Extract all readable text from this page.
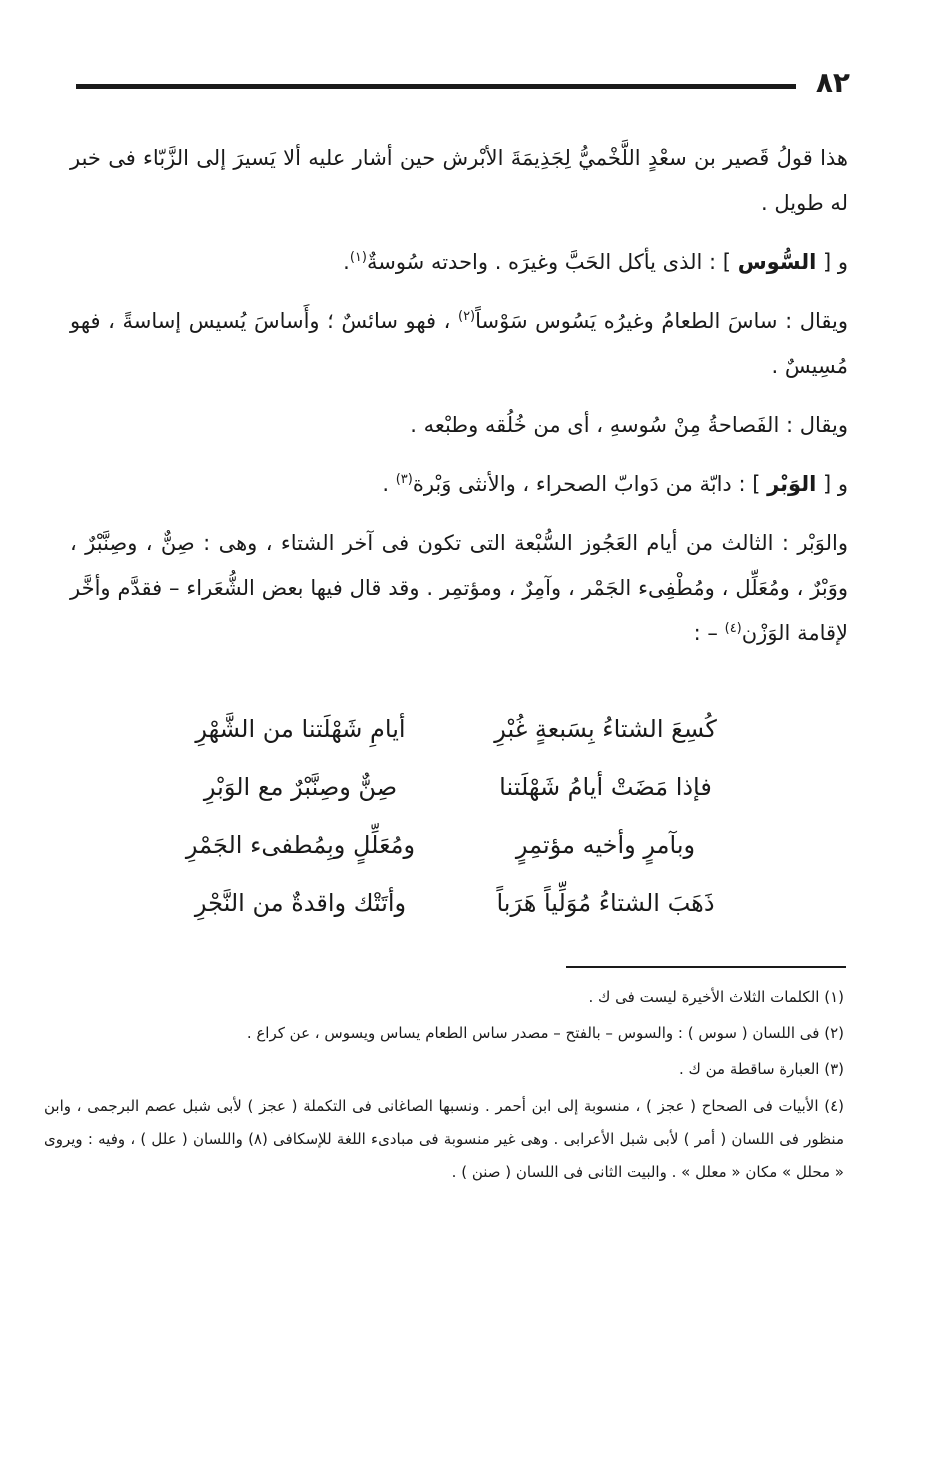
٨٢

هذا قولُ قَصير بن سعْدٍ اللَّخْميُّ لِجَذِيمَةَ الأبْرش حين أشار عليه ألا يَسيرَ إلى الزَّبّاء فى خبر له طويل .

و [ السُّوس ] : الذى يأكل الحَبَّ وغيرَه . واحدته سُوسةٌ$^{(١)}$.

ويقال : ساسَ الطعامُ وغيرُه يَسُوس سَوْساً$^{(٢)}$ ، فهو سائسٌ ؛ وأَساسَ يُسيس إساسةً ، فهو مُسِيسٌ .

ويقال : الفَصاحةُ مِنْ سُوسهِ ، أى من خُلُقه وطبْعه .

و [ الوَبْر ] : دابّة من دَوابّ الصحراء ، والأنثى وَبْرة$^{(٣)}$ .

والوَبْر : الثالث من أيام العَجُوز السُّبْعة التى تكون فى آخر الشتاء ، وهى : صِنٌّ ، وصِنَّبْرٌ ، ووَبْرٌ ، ومُعَلِّل ، ومُطْفِىء الجَمْر ، وآمِرٌ ، ومؤتمِر . وقد قال فيها بعض الشُّعَراء – فقدَّم وأخَّر لإقامة الوَزْن$^{(٤)}$ – :

كُسِعَ الشتاءُ بِسَبعةٍ غُبْرِ
أيامِ شَهْلَتنا من الشَّهْرِ
فإذا مَضَتْ أيامُ شَهْلَتنا
صِنٌّ وصِنَّبْرٌ مع الوَبْرِ
وبآمرٍ وأخيه مؤتمِرٍ
ومُعَلِّلٍ وبِمُطفىء الجَمْرِ
ذَهَبَ الشتاءُ مُوَلِّياً هَرَباً
وأتَتْك واقدةٌ من النَّجْرِ

(١) الكلمات الثلاث الأخيرة ليست فى ك .

(٢) فى اللسان ( سوس ) : والسوس – بالفتح – مصدر ساس الطعام يساس ويسوس ، عن كراع .

(٣) العبارة ساقطة من ك .

(٤) الأبيات فى الصحاح ( عجز ) ، منسوبة إلى ابن أحمر . ونسبها الصاغانى فى التكملة ( عجز ) لأبى شبل عصم البرجمى ، وابن منظور فى اللسان ( أمر ) لأبى شبل الأعرابى . وهى غير منسوبة فى مبادىء اللغة للإسكافى (٨) واللسان ( علل ) ، وفيه : ويروى « محلل » مكان « معلل » . والبيت الثانى فى اللسان ( صنن ) .
